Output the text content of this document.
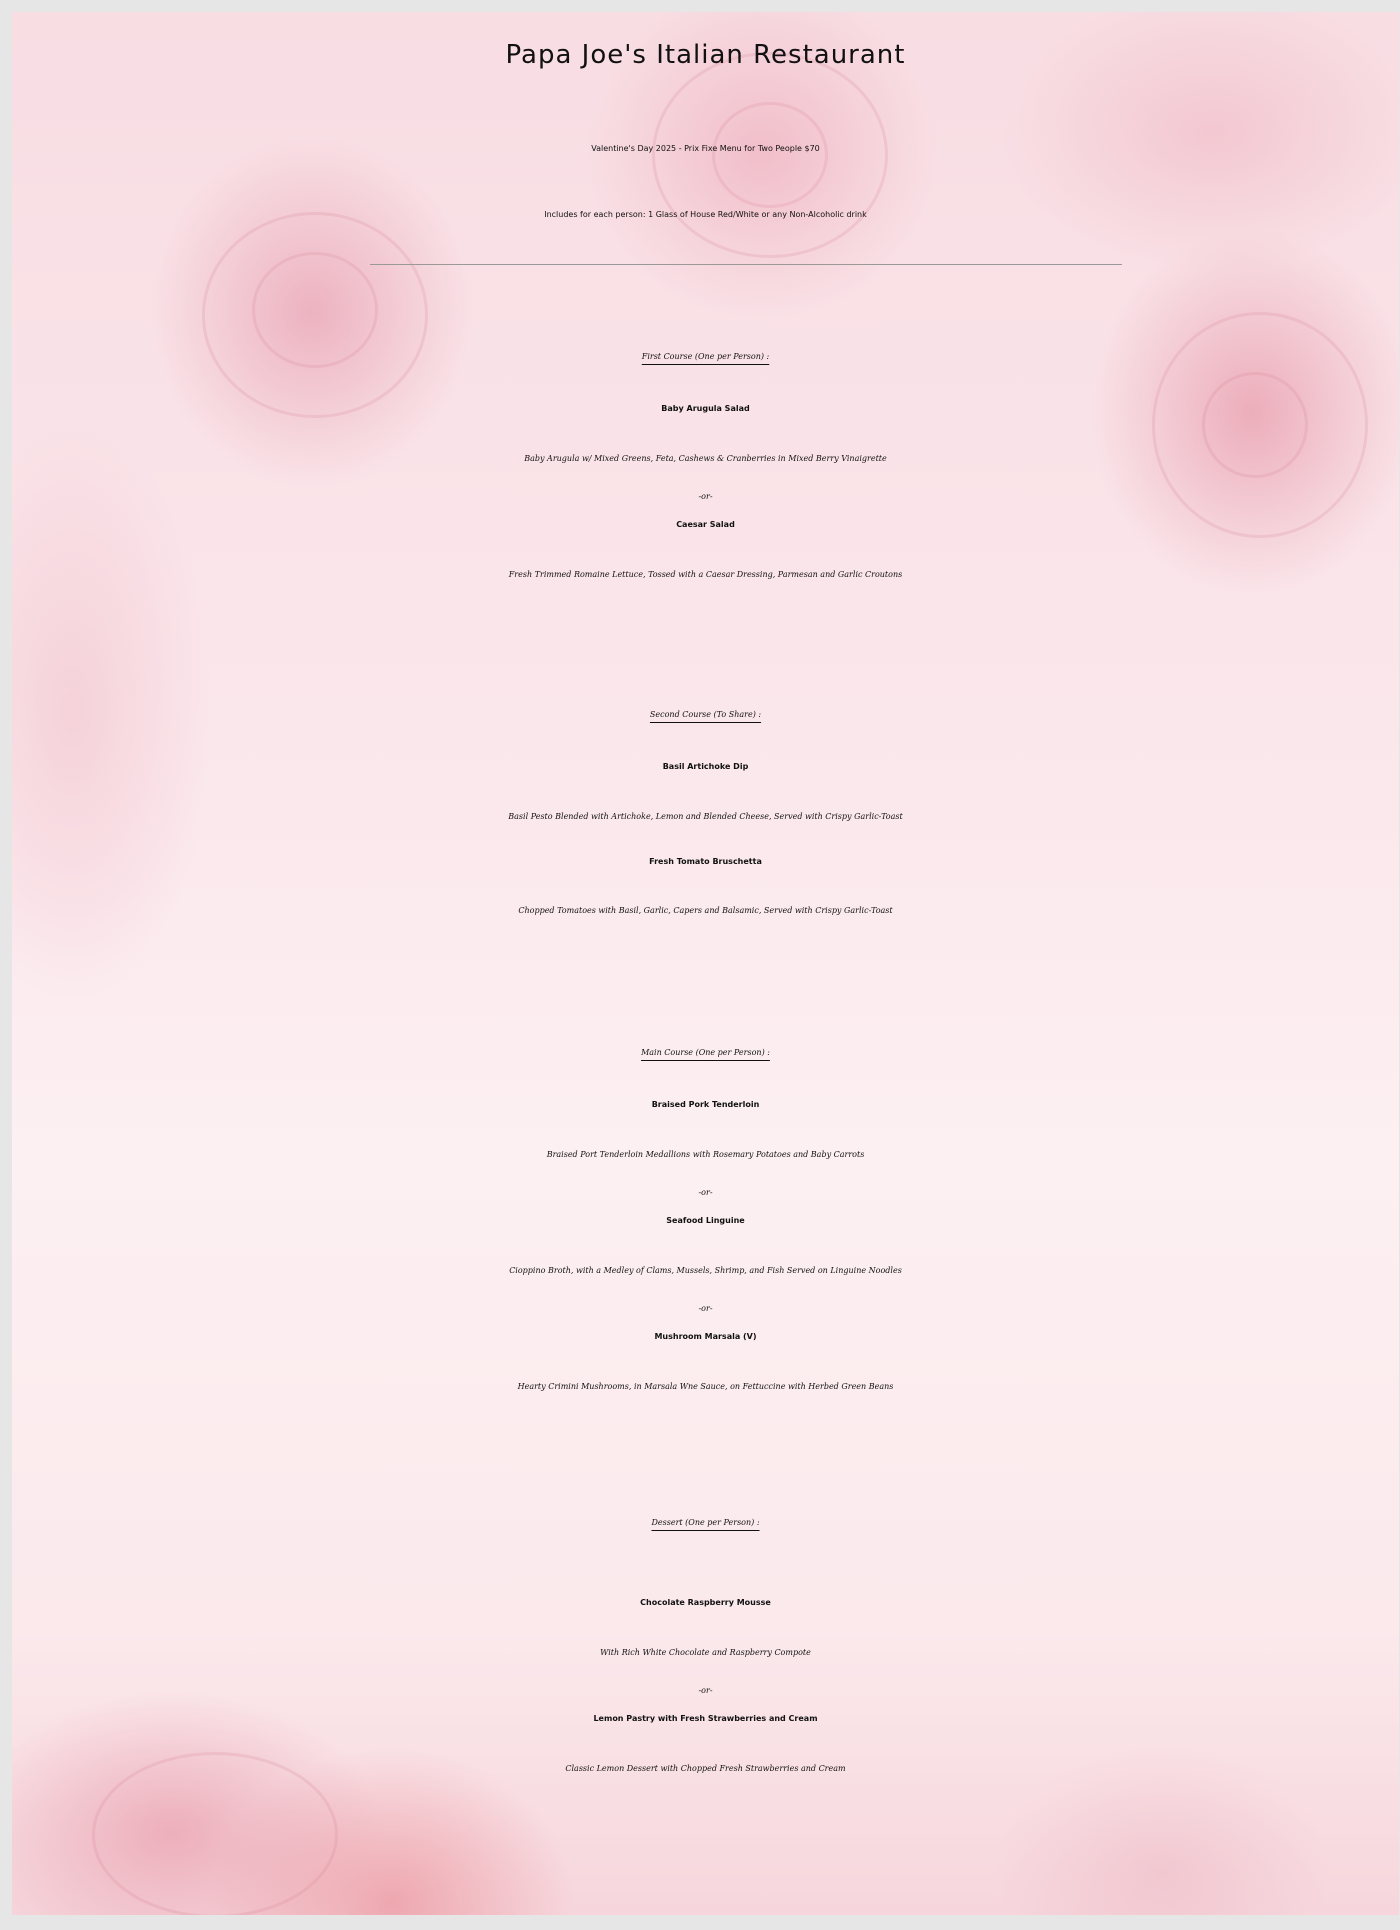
Papa Joe's Italian Restaurant
Valentine's Day 2025 - Prix Fixe Menu for Two People $70
Includes for each person: 1 Glass of House Red/White or any Non-Alcoholic drink
First Course (One per Person) :
Baby Arugula Salad
Baby Arugula w/ Mixed Greens, Feta, Cashews & Cranberries in Mixed Berry Vinaigrette
-or-
Caesar Salad
Fresh Trimmed Romaine Lettuce, Tossed with a Caesar Dressing, Parmesan and Garlic Croutons
Second Course (To Share) :
Basil Artichoke Dip
Basil Pesto Blended with Artichoke, Lemon and Blended Cheese, Served with Crispy Garlic-Toast
Fresh Tomato Bruschetta
Chopped Tomatoes with Basil, Garlic, Capers and Balsamic, Served with Crispy Garlic-Toast
Main Course (One per Person) :
Braised Pork Tenderloin
Braised Port Tenderloin Medallions with Rosemary Potatoes and Baby Carrots
-or-
Seafood Linguine
Cioppino Broth, with a Medley of Clams, Mussels, Shrimp, and Fish Served on Linguine Noodles
-or-
Mushroom Marsala (V)
Hearty Crimini Mushrooms, in Marsala Wne Sauce, on Fettuccine with Herbed Green Beans
Dessert (One per Person) :
Chocolate Raspberry Mousse
With Rich White Chocolate and Raspberry Compote
-or-
Lemon Pastry with Fresh Strawberries and Cream
Classic Lemon Dessert with Chopped Fresh Strawberries and Cream
